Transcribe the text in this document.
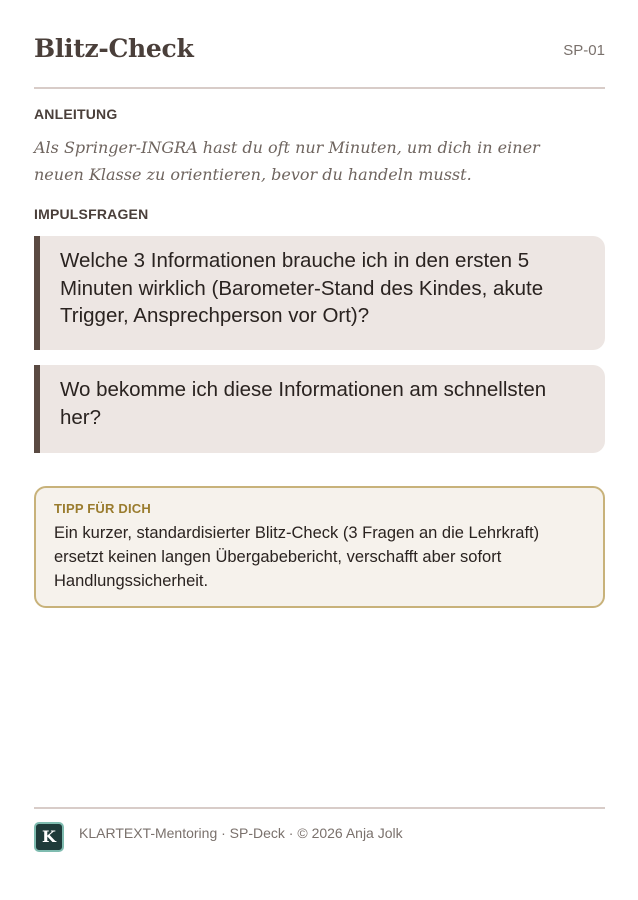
Blitz-Check	SP-01
ANLEITUNG
Als Springer-INGRA hast du oft nur Minuten, um dich in einer neuen Klasse zu orientieren, bevor du handeln musst.
IMPULSFRAGEN
Welche 3 Informationen brauche ich in den ersten 5 Minuten wirklich (Barometer-Stand des Kindes, akute Trigger, Ansprechperson vor Ort)?
Wo bekomme ich diese Informationen am schnellsten her?
TIPP FÜR DICH
Ein kurzer, standardisierter Blitz-Check (3 Fragen an die Lehrkraft) ersetzt keinen langen Übergabebericht, verschafft aber sofort Handlungssicherheit.
K	KLARTEXT-Mentoring · SP-Deck · © 2026 Anja Jolk
